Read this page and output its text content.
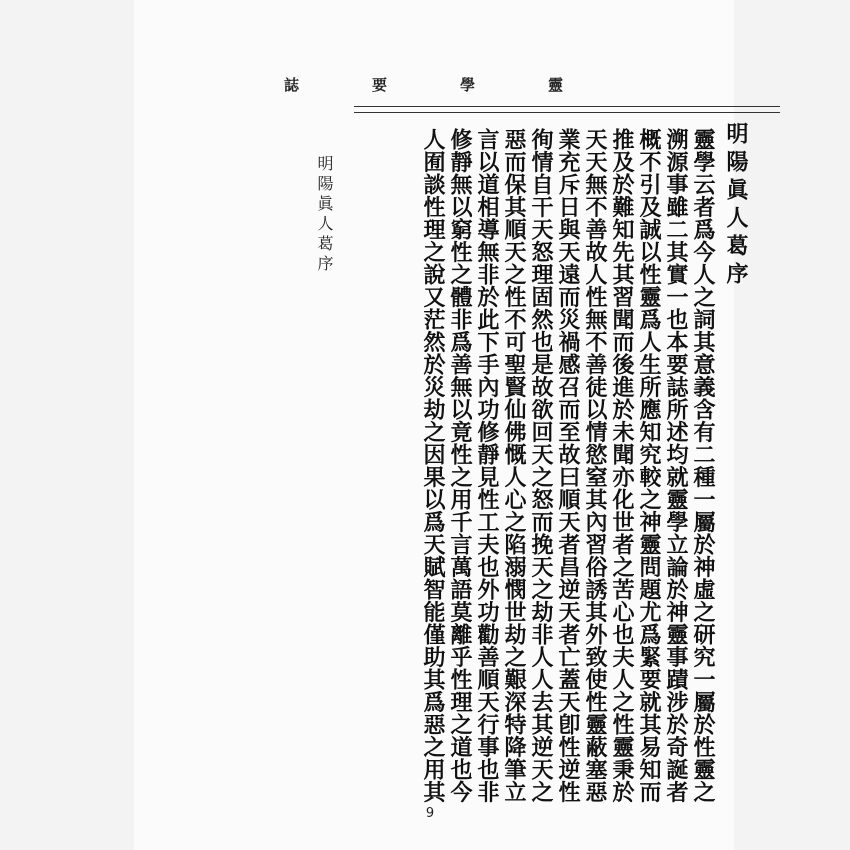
誌	要	學	靈
明陽眞人葛序
明陽眞人葛序	靈學云者爲今人之詞其意義含有二種一屬於神虛之研究一屬於性靈之
溯源事雖二其實一也本要誌所述均就靈學立論於神靈事蹟涉於奇誕者
概不引及誠以性靈爲人生所應知究較之神靈問題尤爲緊要就其易知而
推及於難知先其習聞而後進於未聞亦化世者之苦心也夫人之性靈秉於
天天無不善故人性無不善徒以情慾窒其內習俗誘其外致使性靈蔽塞惡
業充斥日與天遠而災禍感召而至故曰順天者昌逆天者亡蓋天卽性逆性
徇情自干天怒理固然也是故欲回天之怒而挽天之劫非人人去其逆天之
惡而保其順天之性不可聖賢仙佛慨人心之陷溺憫世劫之艱深特降筆立
言以道相導無非於此下手內功修靜見性工夫也外功勸善順天行事也非
修靜無以窮性之體非爲善無以竟性之用千言萬語莫離乎性理之道也今
人囿談性理之說又茫然於災劫之因果以爲天賦智能僅助其爲惡之用其
9
